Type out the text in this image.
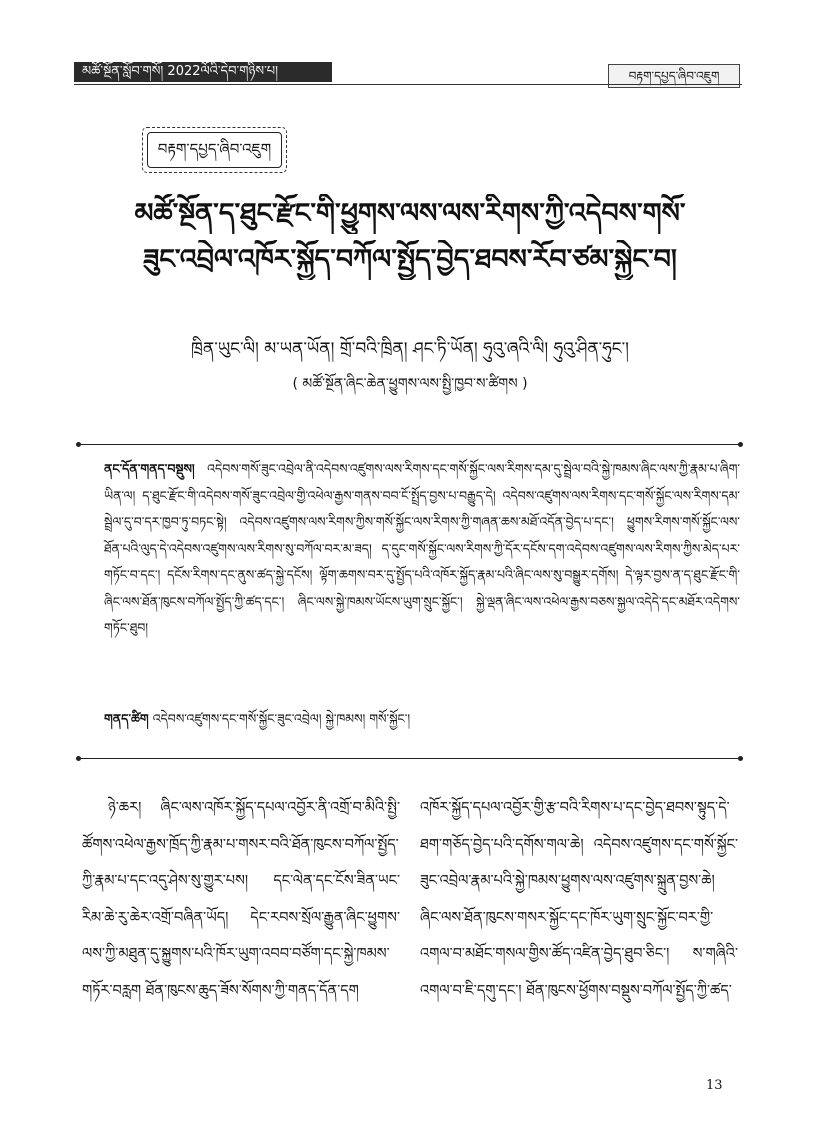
མཚོ་སྔོན་སློབ་གསོ། 2022ལོའི་དེབ་གཉིས་པ།	བརྟག་དཔྱད་ཞིབ་འཇུག
བརྟག་དཔྱད་ཞིབ་འཇུག
མཚོ་སྔོན་ད་ཐུང་རྫོང་གི་ཕྱུགས་ལས་ལས་རིགས་ཀྱི་འདེབས་གསོ་
ཟུང་འབྲེལ་འཁོར་སྐྱོད་བཀོལ་སྤྱོད་བྱེད་ཐབས་རོབ་ཙམ་སྐྱེང་བ།
ཁྲིན་ཡུང་ལི། མ་ཡན་ཡོན། གྲོ་བའི་ཁྲིན། ཤང་ཏི་ཡོན། ཧུའུ་ཞའི་ལི། ཧུའུ་ཤིན་ཧུང་།
( མཚོ་སྔོན་ཞིང་ཆེན་ཕྱུགས་ལས་སྤྱི་ཁྱབ་ས་ཚིགས )
ནང་དོན་གནད་བསྡུས། འདེབས་གསོ་ཟུང་འབྲེལ་ནི་འདེབས་འཛུགས་ལས་རིགས་དང་གསོ་སྐྱོང་ལས་རིགས་དམ་དུ་སྦྲེལ་བའི་སྐྱེ་ཁམས་ཞིང་ལས་ཀྱི་རྣམ་པ་ཞིག་ཡིན་ལ། ད་ཐུང་རྫོང་གི་འདེབས་གསོ་ཟུང་འབྲེལ་གྱི་འཕེལ་རྒྱས་གནས་བབ་ངོ་སྤྲོད་བྱས་པ་བརྒྱུད་དེ། འདེབས་འཛུགས་ལས་རིགས་དང་གསོ་སྐྱོང་ལས་རིགས་དམ་སྦྲེལ་དུ་བ་དར་ཁྱབ་ཏུ་བཏང་སྟེ། འདེབས་འཛུགས་ལས་རིགས་ཀྱིས་གསོ་སྐྱོང་ལས་རིགས་ཀྱི་གཞན་ཆས་མཐོ་འདོན་བྱེད་པ་དང་། ཕྱུགས་རིགས་གསོ་སྐྱོང་ལས་ཐོན་པའི་ལུད་དེ་འདེབས་འཛུགས་ལས་རིགས་སུ་བཀོལ་བར་མ་ཟད། ད་དུང་གསོ་སྐྱོང་ལས་རིགས་ཀྱི་དོར་དངོས་དག་འདེབས་འཛུགས་ལས་རིགས་ཀྱིས་མེད་པར་གཏོང་བ་དང་། དངོས་རིགས་དང་ནུས་ཚད་སྐྱེ་དངོས། ལྟོག་ཆགས་བར་དུ་སྤྱོད་པའི་འཁོར་སྐྱོད་རྣམ་པའི་ཞིང་ལས་སུ་བསྒྱུར་དགོས། དེ་ལྟར་བྱས་ན་ད་ཐུང་རྫོང་གི་ཞིང་ལས་ཐོན་ཁུངས་བཀོལ་སྤྱོད་ཀྱི་ཚད་དང་། ཞིང་ལས་སྐྱེ་ཁམས་ཡོངས་ཡུག་སྲུང་སྐྱོང་། སྐྱེ་ལྡན་ཞིང་ལས་འཕེལ་རྒྱས་བཅས་སྐྱལ་འདེདེ་དང་མཐོར་འདེགས་གཏོང་ཐུབ།
གནད་ཚིག འདེབས་འཛུགས་དང་གསོ་སྐྱོང་ཟུང་འབྲེལ། སྐྱེ་ཁམས། གསོ་སྐྱོང་།
ཉེ་ཆར། ཞིང་ལས་འཁོར་སྐྱོད་དཔལ་འབྱོར་ནི་འགྲོ་བ་མིའི་སྤྱི་ཚོགས་འཕེལ་རྒྱས་ཁྲོད་ཀྱི་རྣམ་པ་གསར་བའི་ཐོན་ཁུངས་བཀོལ་སྤྱོད་ཀྱི་རྣམ་པ་དང་འདུ་ཤེས་སུ་གྱུར་པས། དང་ལེན་དང་ངོས་ཟིན་ཡང་རིམ་ཆེ་རུ་ཆེར་འགྲོ་བཞིན་ཡོད། དེང་རབས་སྲོལ་རྒྱུན་ཞིང་ཕྱུགས་ལས་ཀྱི་མཐུན་དུ་སྐྱུགས་པའི་ཁོར་ཡུག་འབབ་བཙོག་དང་སྐྱེ་ཁམས་གཏོར་བརླག ཐོན་ཁུངས་ཆུད་ཟོས་སོགས་ཀྱི་གནད་དོན་དག
འཁོར་སྐྱོད་དཔལ་འབྱོར་གྱི་རྩ་བའི་རིགས་པ་དང་བྱེད་ཐབས་སྟུད་དེ་ཐག་གཅོད་བྱེད་པའི་དགོས་གལ་ཆེ། འདེབས་འཛུགས་དང་གསོ་སྐྱོང་ཟུང་འབྲེལ་རྣམ་པའི་སྐྱེ་ཁམས་ཕྱུགས་ལས་འཛུགས་སྐྲུན་བྱས་ཆེ། ཞིང་ལས་ཐོན་ཁུངས་གསར་སྐྱོང་དང་ཁོར་ཡུག་སྲུང་སྐྱོང་བར་གྱི་འགལ་བ་མཐོང་གསལ་གྱིས་ཚོད་འཛིན་བྱེད་ཐུབ་ཅིང་། ས་གཞིའི་འགལ་བ་ཇི་དགུ་དང་། ཐོན་ཁུངས་ཕྱོགས་བསྡུས་བཀོལ་སྤྱོད་ཀྱི་ཚད་
13
